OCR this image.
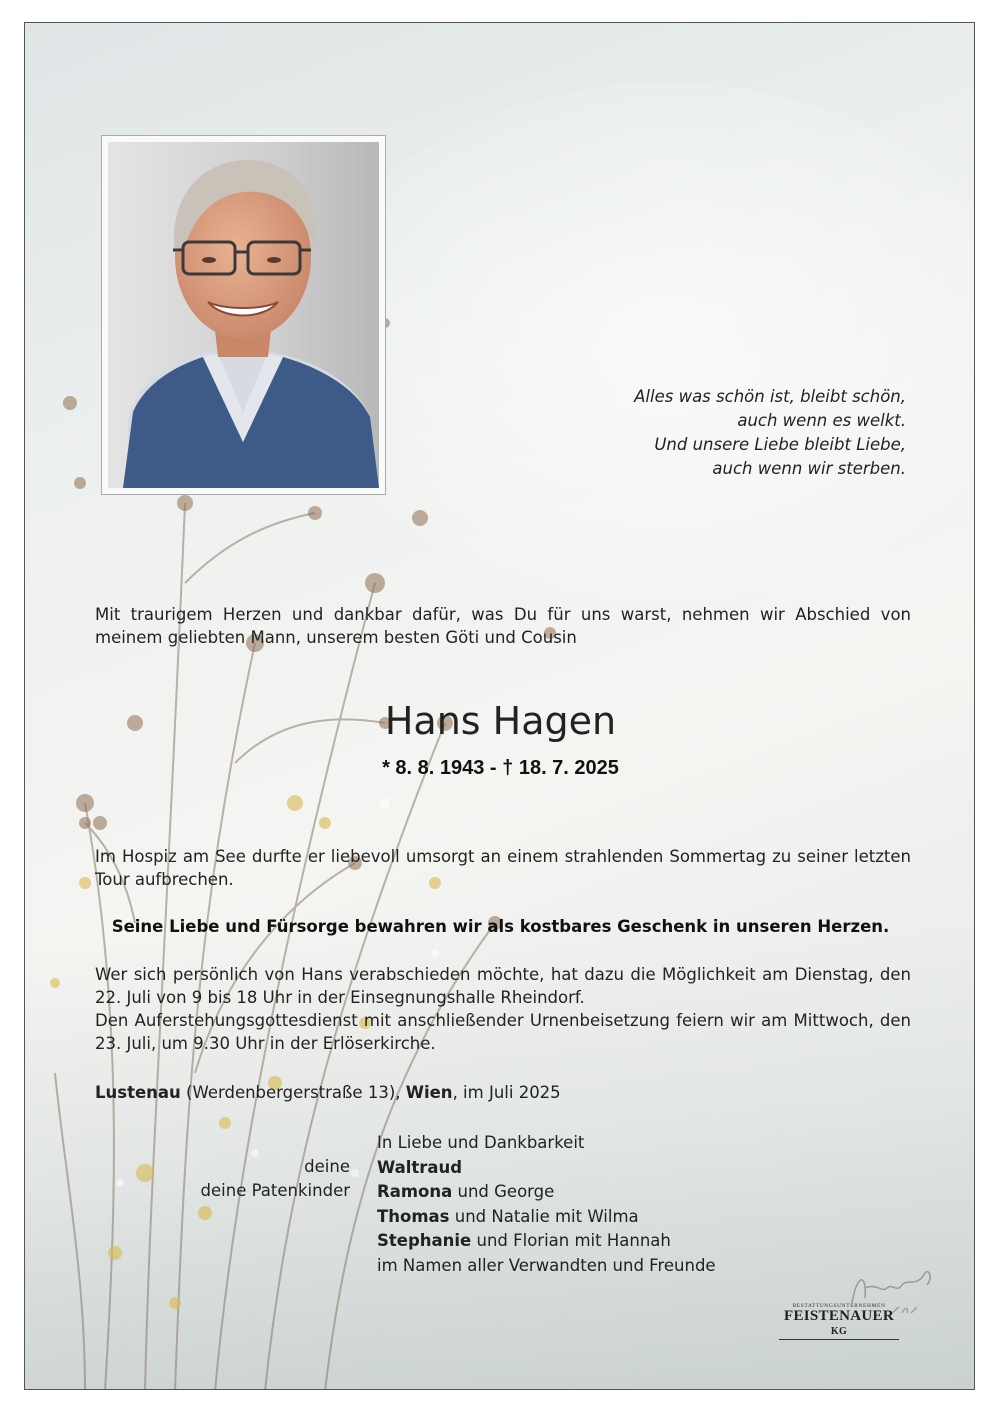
Alles was schön ist, bleibt schön,
auch wenn es welkt.
Und unsere Liebe bleibt Liebe,
auch wenn wir sterben.
Mit traurigem Herzen und dankbar dafür, was Du für uns warst, nehmen wir Abschied von meinem geliebten Mann, unserem besten Göti und Cousin
Hans Hagen
* 8. 8. 1943 - † 18. 7. 2025
Im Hospiz am See durfte er liebevoll umsorgt an einem strahlenden Sommertag zu seiner letzten Tour aufbrechen.
Seine Liebe und Fürsorge bewahren wir als kostbares Geschenk in unseren Herzen.
Wer sich persönlich von Hans verabschieden möchte, hat dazu die Möglichkeit am Dienstag, den 22. Juli von 9 bis 18 Uhr in der Einsegnungshalle Rheindorf.
Den Auferstehungsgottesdienst mit anschließender Urnenbeisetzung feiern wir am Mittwoch, den 23. Juli, um 9.30 Uhr in der Erlöserkirche.
Lustenau (Werdenbergerstraße 13), Wien, im Juli 2025
deine
deine Patenkinder
In Liebe und Dankbarkeit
Waltraud
Ramona und George
Thomas und Natalie mit Wilma
Stephanie und Florian mit Hannah
im Namen aller Verwandten und Freunde
BESTATTUNGSUNTERNEHMEN
FEISTENAUER KG
